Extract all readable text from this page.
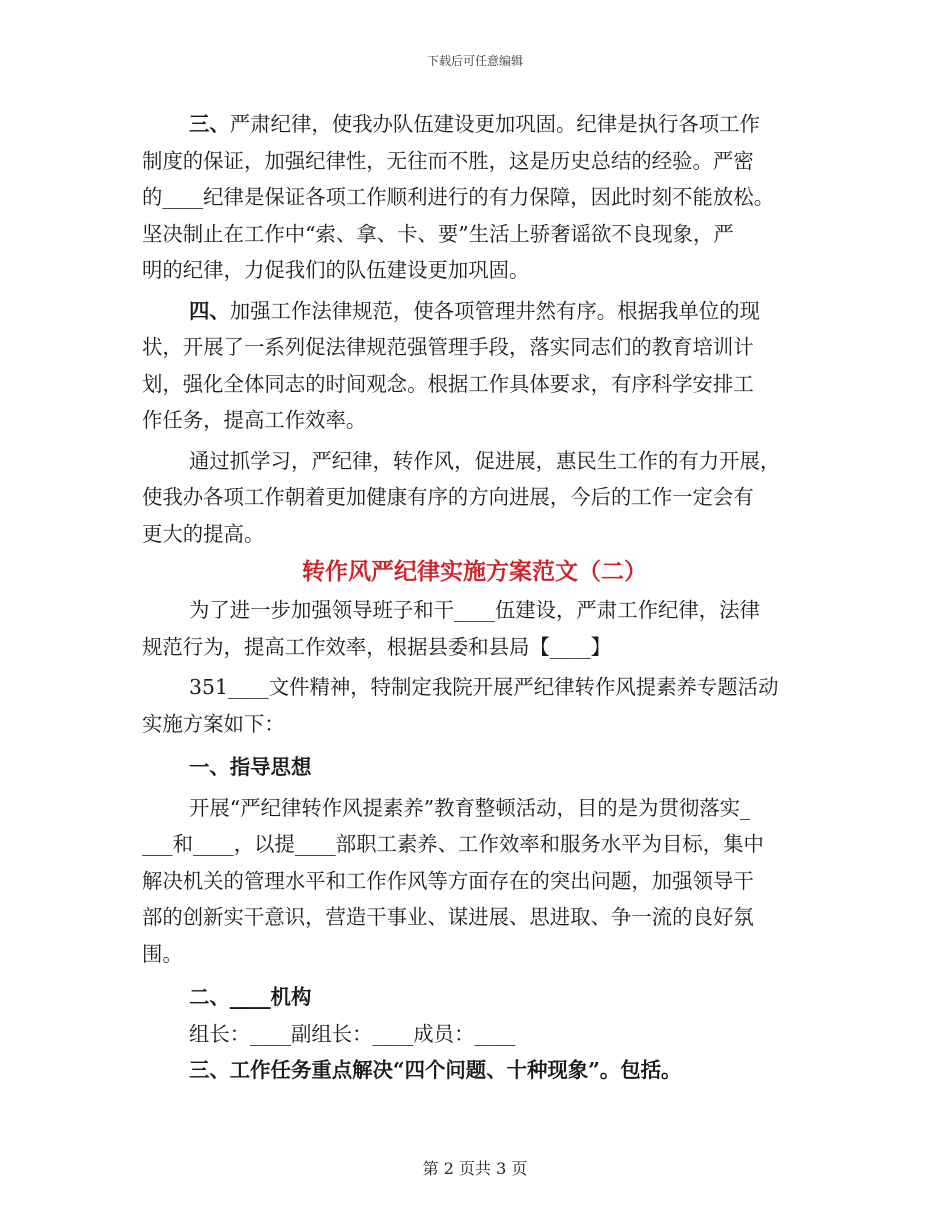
下载后可任意编辑
三、严肃纪律，使我办队伍建设更加巩固。纪律是执行各项工作
制度的保证，加强纪律性，无往而不胜，这是历史总结的经验。严密
的____纪律是保证各项工作顺利进行的有力保障，因此时刻不能放松。
坚决制止在工作中“索、拿、卡、要”生活上骄奢谣欲不良现象，严
明的纪律，力促我们的队伍建设更加巩固。
四、加强工作法律规范，使各项管理井然有序。根据我单位的现
状，开展了一系列促法律规范强管理手段，落实同志们的教育培训计
划，强化全体同志的时间观念。根据工作具体要求，有序科学安排工
作任务，提高工作效率。
通过抓学习，严纪律，转作风，促进展，惠民生工作的有力开展，
使我办各项工作朝着更加健康有序的方向进展，今后的工作一定会有
更大的提高。
转作风严纪律实施方案范文（二）
为了进一步加强领导班子和干____伍建设，严肃工作纪律，法律
规范行为，提高工作效率，根据县委和县局【____】
351____文件精神，特制定我院开展严纪律转作风提素养专题活动
实施方案如下：
一、指导思想
开展“严纪律转作风提素养”教育整顿活动，目的是为贯彻落实_
___和____，以提____部职工素养、工作效率和服务水平为目标，集中
解决机关的管理水平和工作作风等方面存在的突出问题，加强领导干
部的创新实干意识，营造干事业、谋进展、思进取、争一流的良好氛
围。
二、____机构
组长：____副组长：____成员：____
三、工作任务重点解决“四个问题、十种现象”。包括。
第 2 页共 3 页
